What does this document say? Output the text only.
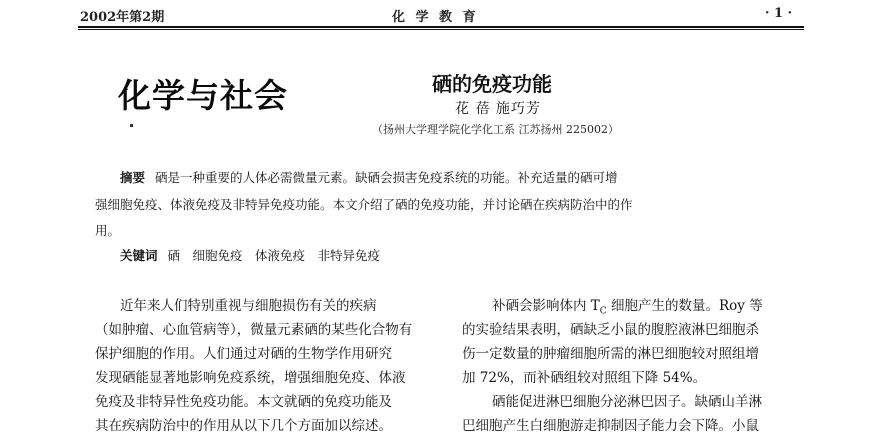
2002年第2期	化 学 教 育	· 1 ·
化学与社会	硒的免疫功能
花 蓓 施巧芳
（扬州大学理学院化学化工系 江苏扬州 225002）
摘要 硒是一种重要的人体必需微量元素。缺硒会损害免疫系统的功能。补充适量的硒可增
强细胞免疫、体液免疫及非特异免疫功能。本文介绍了硒的免疫功能，并讨论硒在疾病防治中的作
用。
关键词 硒　细胞免疫　体液免疫　非特异免疫
近年来人们特别重视与细胞损伤有关的疾病
（如肿瘤、心血管病等），微量元素硒的某些化合物有
保护细胞的作用。人们通过对硒的生物学作用研究
发现硒能显著地影响免疫系统，增强细胞免疫、体液
免疫及非特异性免疫功能。本文就硒的免疫功能及
其在疾病防治中的作用从以下几个方面加以综述。
补硒会影响体内 $T_C$ 细胞产生的数量。Roy 等
的实验结果表明，硒缺乏小鼠的腹腔液淋巴细胞杀
伤一定数量的肿瘤细胞所需的淋巴细胞较对照组增
加 72%，而补硒组较对照组下降 54%。
硒能促进淋巴细胞分泌淋巴因子。缺硒山羊淋
巴细胞产生白细胞游走抑制因子能力会下降。小鼠
